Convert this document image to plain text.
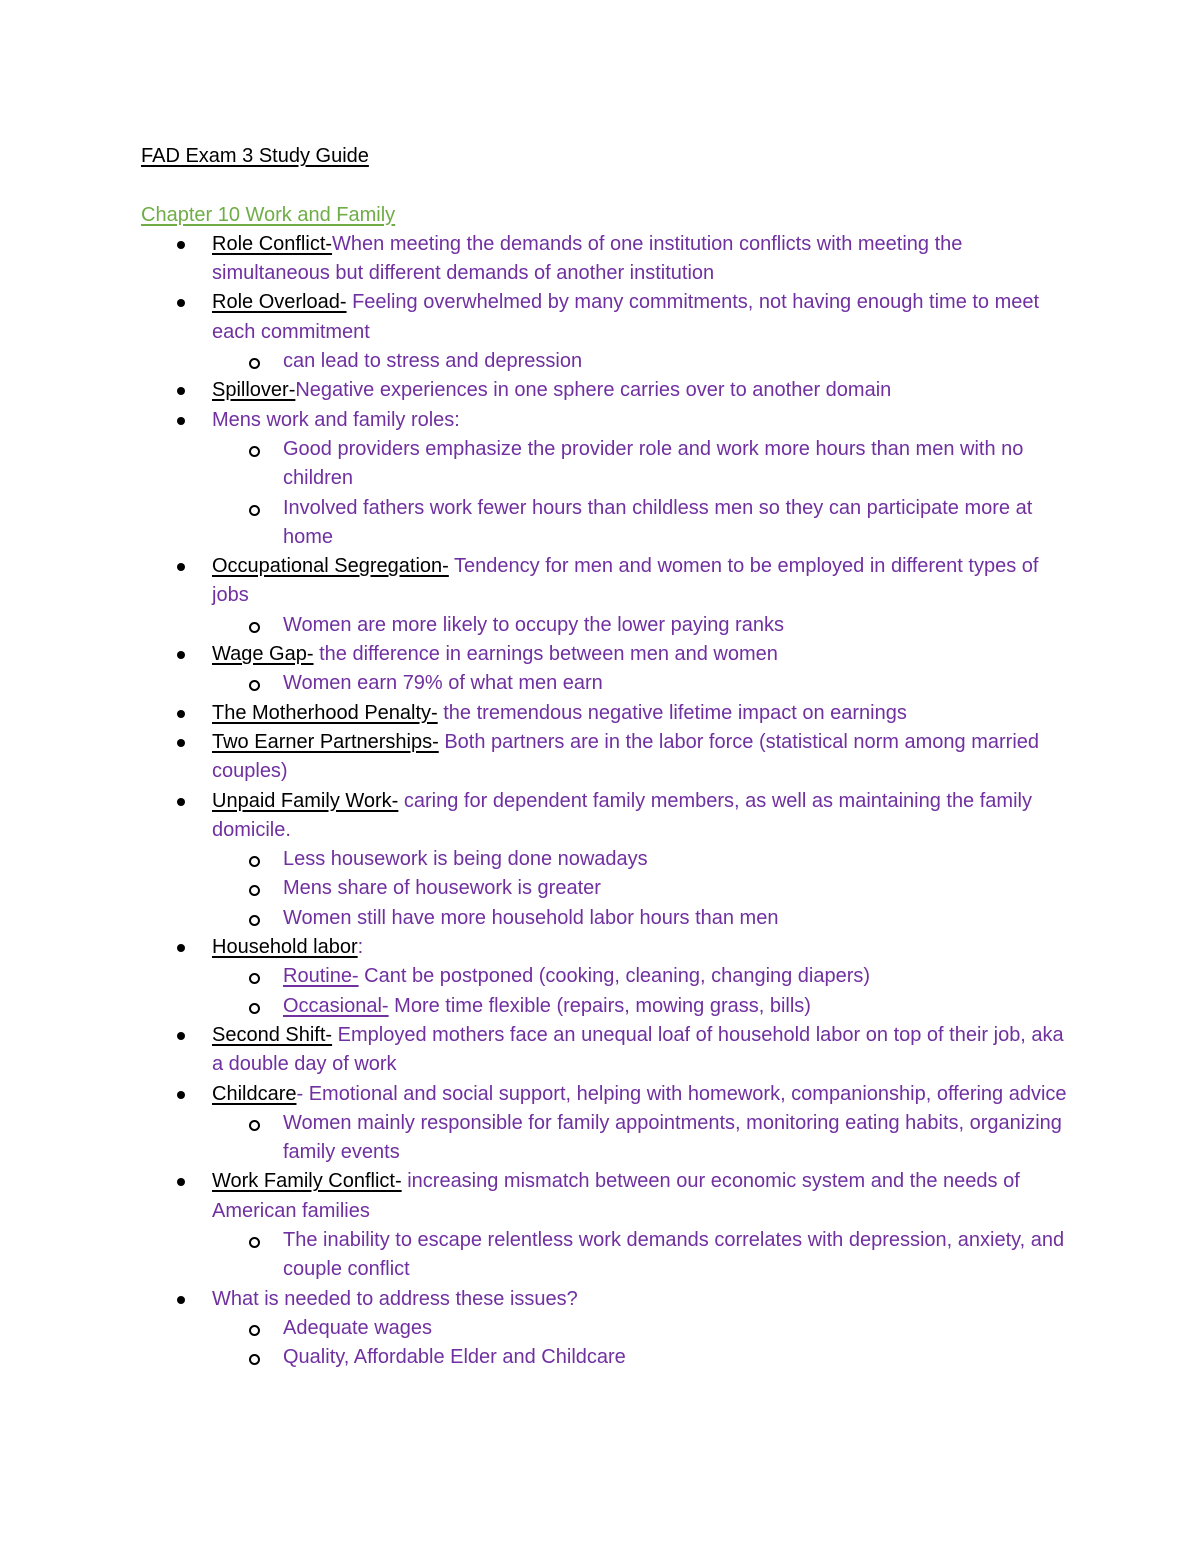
FAD Exam 3 Study Guide
Chapter 10 Work and Family
Role Conflict-When meeting the demands of one institution conflicts with meeting the simultaneous but different demands of another institution
Role Overload- Feeling overwhelmed by many commitments, not having enough time to meet each commitment
can lead to stress and depression
Spillover-Negative experiences in one sphere carries over to another domain
Mens work and family roles:
Good providers emphasize the provider role and work more hours than men with no children
Involved fathers work fewer hours than childless men so they can participate more at home
Occupational Segregation- Tendency for men and women to be employed in different types of jobs
Women are more likely to occupy the lower paying ranks
Wage Gap- the difference in earnings between men and women
Women earn 79% of what men earn
The Motherhood Penalty- the tremendous negative lifetime impact on earnings
Two Earner Partnerships- Both partners are in the labor force (statistical norm among married couples)
Unpaid Family Work- caring for dependent family members, as well as maintaining the family domicile.
Less housework is being done nowadays
Mens share of housework is greater
Women still have more household labor hours than men
Household labor:
Routine- Cant be postponed (cooking, cleaning, changing diapers)
Occasional- More time flexible (repairs, mowing grass, bills)
Second Shift- Employed mothers face an unequal loaf of household labor on top of their job, aka a double day of work
Childcare- Emotional and social support, helping with homework, companionship, offering advice
Women mainly responsible for family appointments, monitoring eating habits, organizing family events
Work Family Conflict- increasing mismatch between our economic system and the needs of American families
The inability to escape relentless work demands correlates with depression, anxiety, and couple conflict
What is needed to address these issues?
Adequate wages
Quality, Affordable Elder and Childcare
